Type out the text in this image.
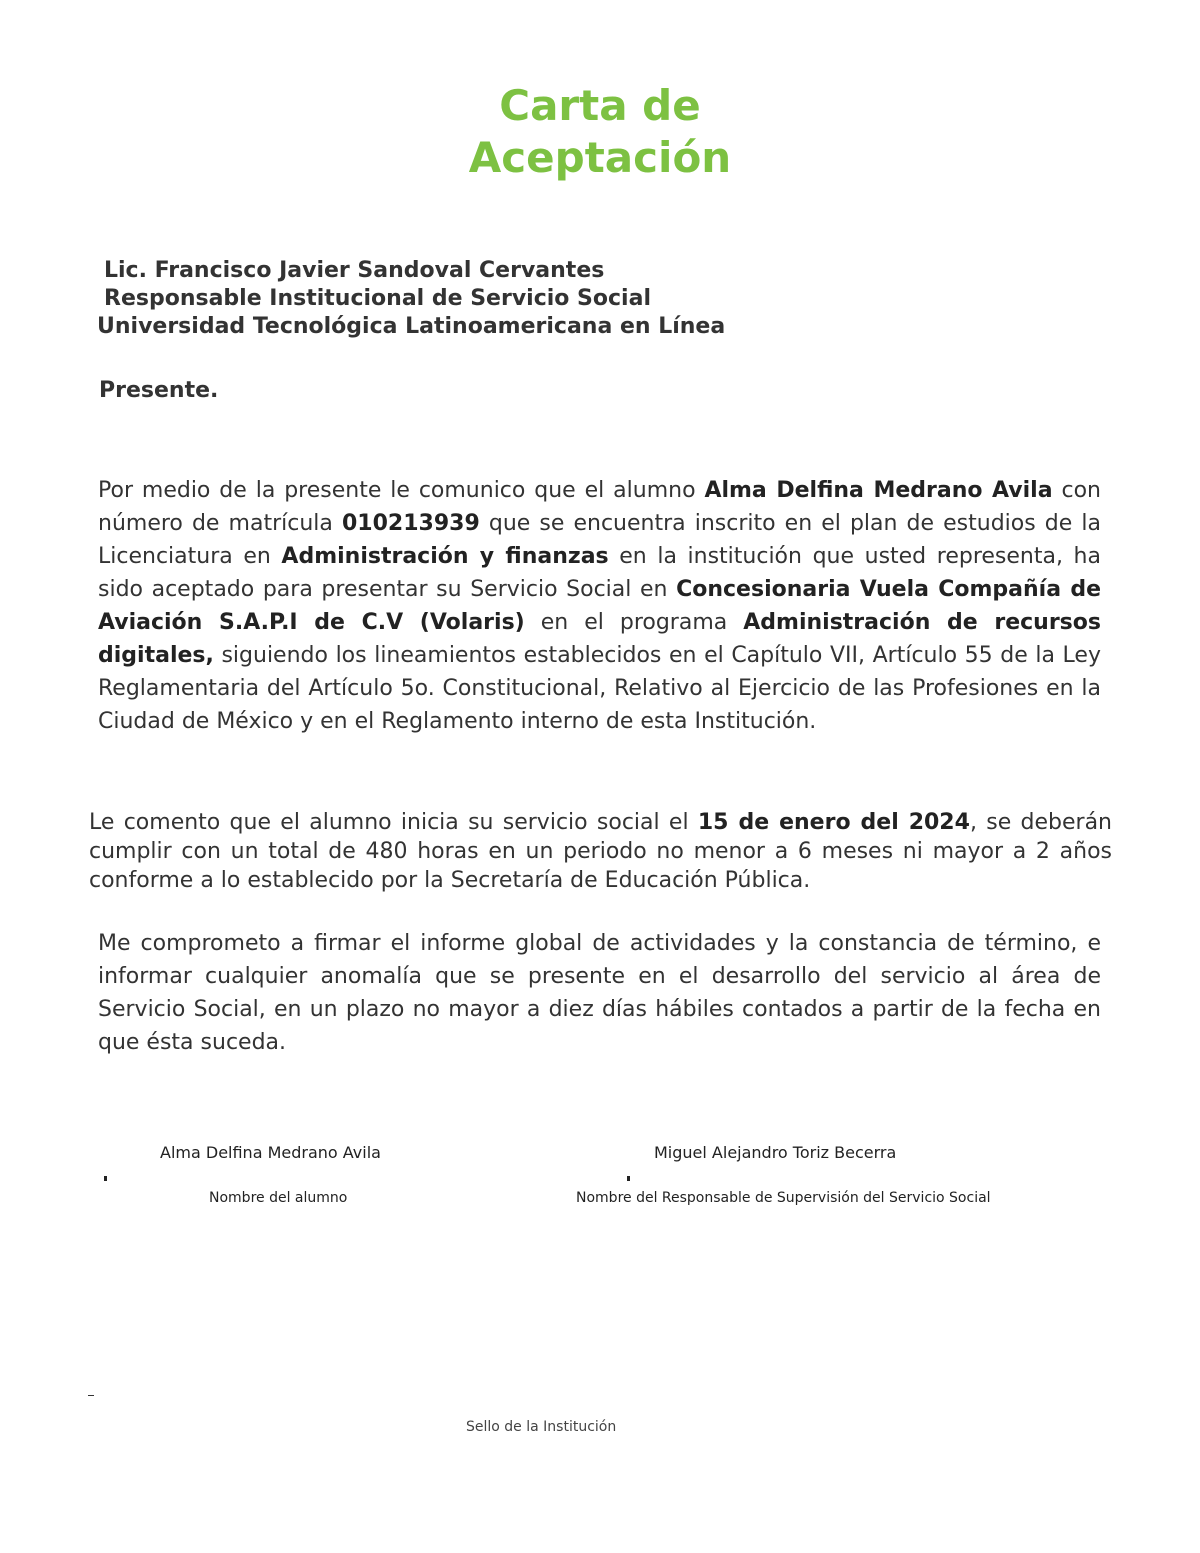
Carta de
Aceptación
Lic. Francisco Javier Sandoval Cervantes
Responsable Institucional de Servicio Social
Universidad Tecnológica Latinoamericana en Línea
Presente.
Por medio de la presente le comunico que el alumno Alma Delfina Medrano Avila con número de matrícula 010213939 que se encuentra inscrito en el plan de estudios de la Licenciatura en Administración y finanzas en la institución que usted representa, ha sido aceptado para presentar su Servicio Social en Concesionaria Vuela Compañía de Aviación S.A.P.I de C.V (Volaris) en el programa Administración de recursos digitales, siguiendo los lineamientos establecidos en el Capítulo VII, Artículo 55 de la Ley Reglamentaria del Artículo 5o. Constitucional, Relativo al Ejercicio de las Profesiones en la Ciudad de México y en el Reglamento interno de esta Institución.
Le comento que el alumno inicia su servicio social el 15 de enero del 2024, se deberán cumplir con un total de 480 horas en un periodo no menor a 6 meses ni mayor a 2 años conforme a lo establecido por la Secretaría de Educación Pública.
Me comprometo a firmar el informe global de actividades y la constancia de término, e informar cualquier anomalía que se presente en el desarrollo del servicio al área de Servicio Social, en un plazo no mayor a diez días hábiles contados a partir de la fecha en que ésta suceda.
Alma Delfina Medrano Avila	Miguel Alejandro Toriz Becerra
Nombre del alumno	Nombre del Responsable de Supervisión del Servicio Social
Sello de la Institución
